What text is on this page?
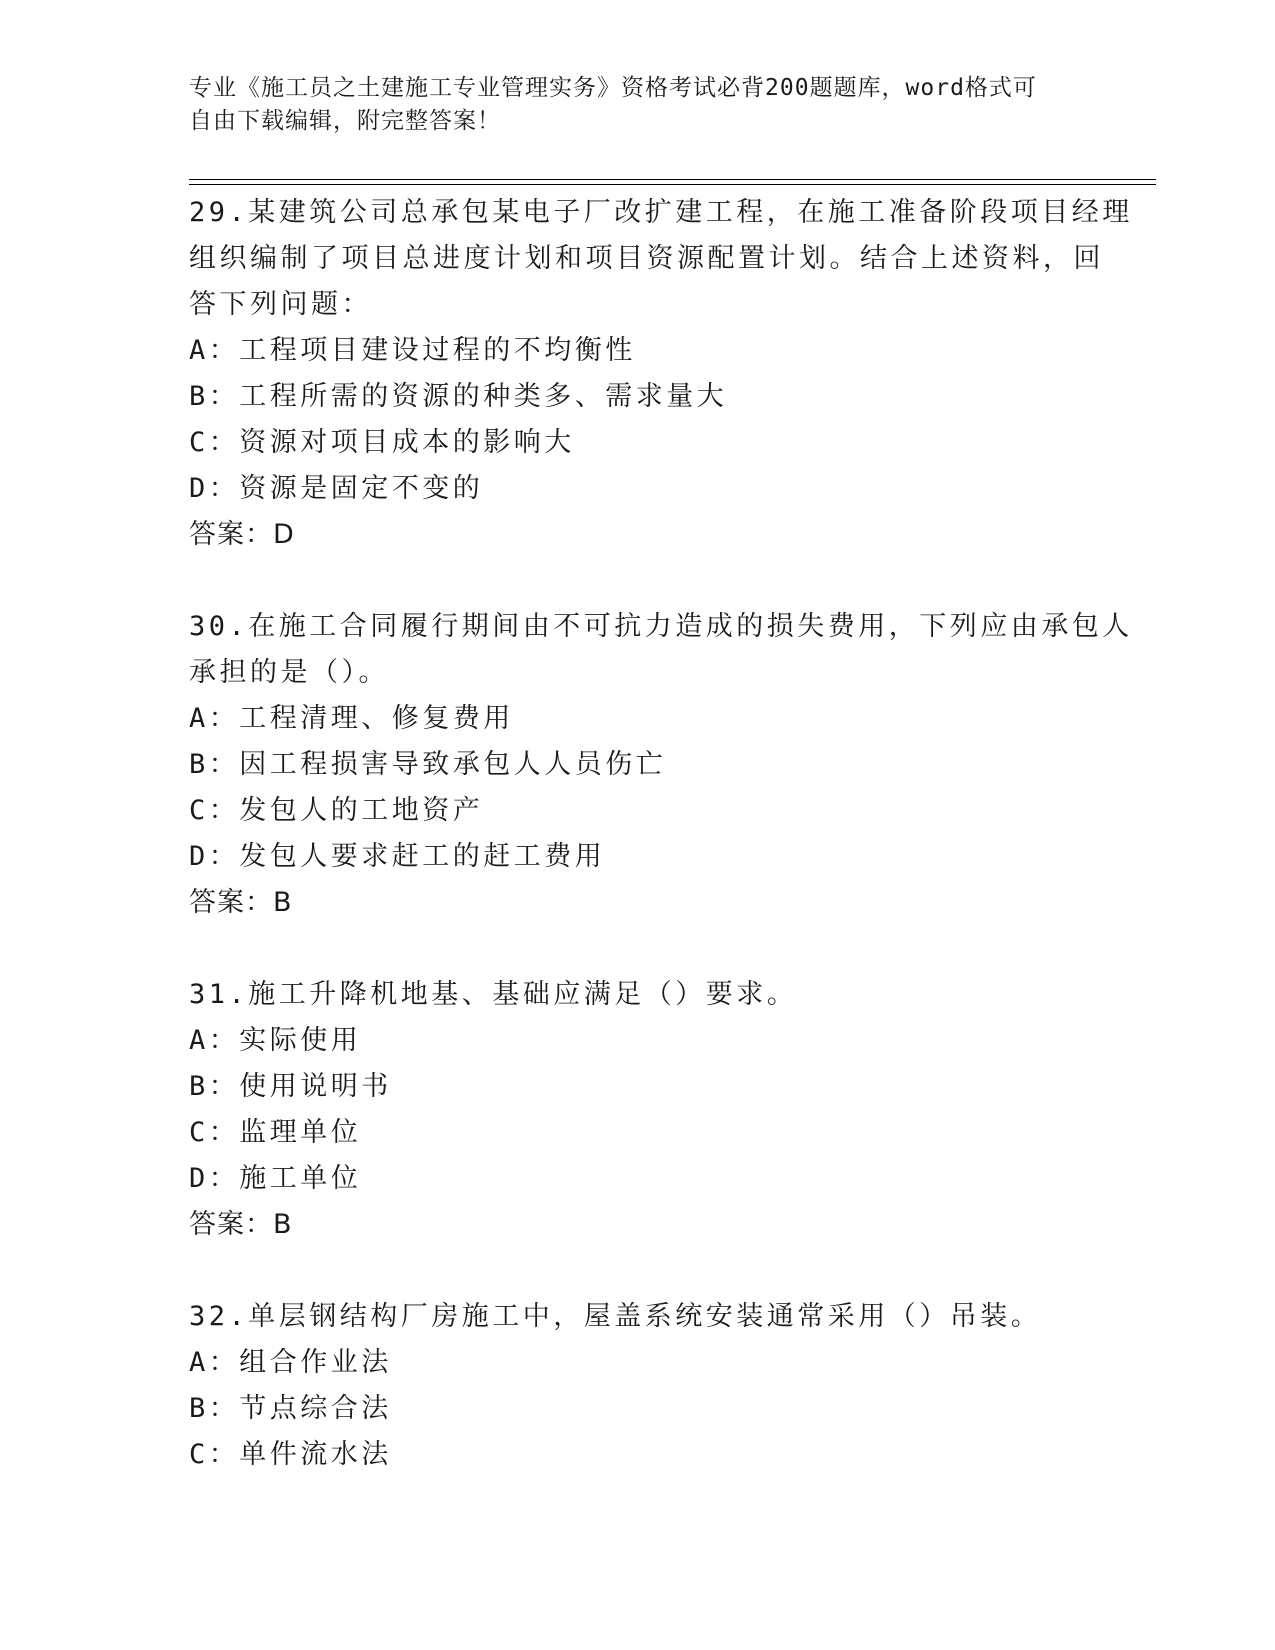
专业《施工员之土建施工专业管理实务》资格考试必背200题题库，word格式可
自由下载编辑，附完整答案！
29.某建筑公司总承包某电子厂改扩建工程，在施工准备阶段项目经理
组织编制了项目总进度计划和项目资源配置计划。结合上述资料，回
答下列问题：
A：工程项目建设过程的不均衡性
B：工程所需的资源的种类多、需求量大
C：资源对项目成本的影响大
D：资源是固定不变的
答案：D
30.在施工合同履行期间由不可抗力造成的损失费用，下列应由承包人
承担的是（）。
A：工程清理、修复费用
B：因工程损害导致承包人人员伤亡
C：发包人的工地资产
D：发包人要求赶工的赶工费用
答案：B
31.施工升降机地基、基础应满足（）要求。
A：实际使用
B：使用说明书
C：监理单位
D：施工单位
答案：B
32.单层钢结构厂房施工中，屋盖系统安装通常采用（）吊装。
A：组合作业法
B：节点综合法
C：单件流水法
